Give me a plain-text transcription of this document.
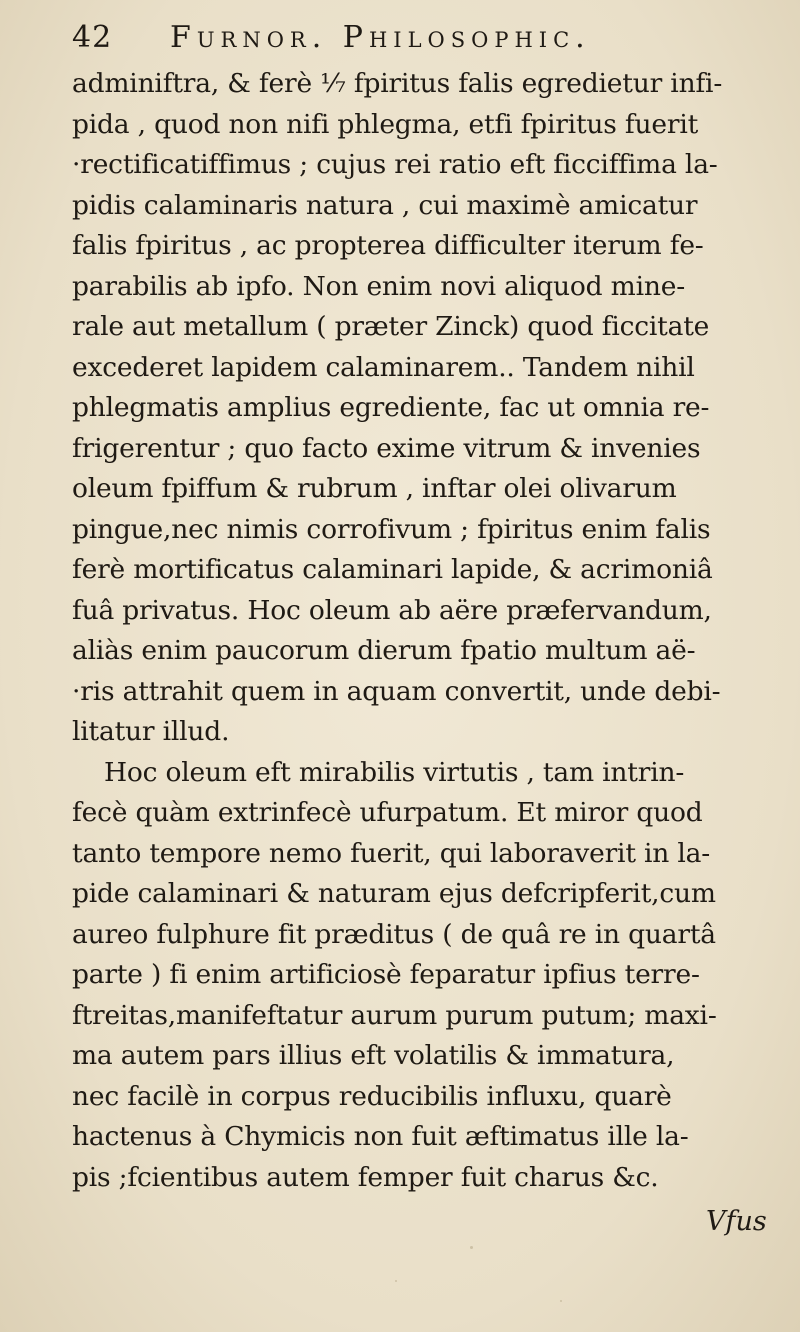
42 Furnor. Philosophic.
adminiftra, & ferè ⅐ fpiritus falis egredietur infi-
pida , quod non nifi phlegma, etfi fpiritus fuerit
·rectificatiffimus ; cujus rei ratio eft ficciffima la-
pidis calaminaris natura , cui maximè amicatur
falis fpiritus , ac propterea difficulter iterum fe-
parabilis ab ipfo. Non enim novi aliquod mine-
rale aut metallum ( præter Zinck) quod ficcitate
excederet lapidem calaminarem.. Tandem nihil
phlegmatis amplius egrediente, fac ut omnia re-
frigerentur ; quo facto exime vitrum & invenies
oleum fpiffum & rubrum , inftar olei olivarum
pingue,nec nimis corrofivum ; fpiritus enim falis
ferè mortificatus calaminari lapide, & acrimoniâ
fuâ privatus. Hoc oleum ab aëre præfervandum,
aliàs enim paucorum dierum fpatio multum aë-
·ris attrahit quem in aquam convertit, unde debi-
litatur illud.
Hoc oleum eft mirabilis virtutis , tam intrin-
fecè quàm extrinfecè ufurpatum. Et miror quod
tanto tempore nemo fuerit, qui laboraverit in la-
pide calaminari & naturam ejus defcripferit,cum
aureo fulphure fit præditus ( de quâ re in quartâ
parte ) fi enim artificiosè feparatur ipfius terre-
ftreitas,manifeftatur aurum purum putum; maxi-
ma autem pars illius eft volatilis & immatura,
nec facilè in corpus reducibilis influxu, quarè
hactenus à Chymicis non fuit æftimatus ille la-
pis ;fcientibus autem femper fuit charus &c.
Vfus
